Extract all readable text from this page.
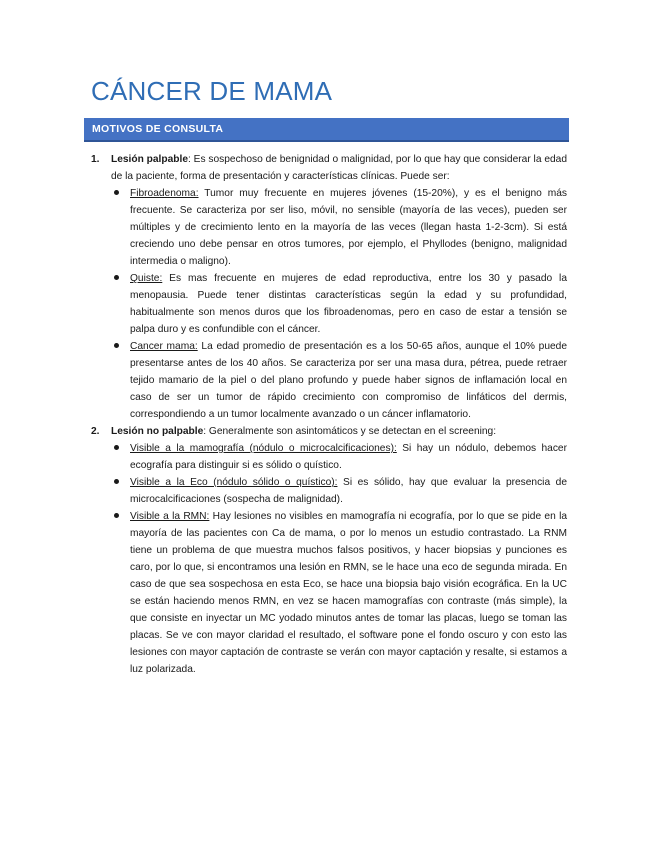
CÁNCER DE MAMA
MOTIVOS DE CONSULTA
1. Lesión palpable: Es sospechoso de benignidad o malignidad, por lo que hay que considerar la edad de la paciente, forma de presentación y características clínicas. Puede ser:
Fibroadenoma: Tumor muy frecuente en mujeres jóvenes (15-20%), y es el benigno más frecuente. Se caracteriza por ser liso, móvil, no sensible (mayoría de las veces), pueden ser múltiples y de crecimiento lento en la mayoría de las veces (llegan hasta 1-2-3cm). Si está creciendo uno debe pensar en otros tumores, por ejemplo, el Phyllodes (benigno, malignidad intermedia o maligno).
Quiste: Es mas frecuente en mujeres de edad reproductiva, entre los 30 y pasado la menopausia. Puede tener distintas características según la edad y su profundidad, habitualmente son menos duros que los fibroadenomas, pero en caso de estar a tensión se palpa duro y es confundible con el cáncer.
Cancer mama: La edad promedio de presentación es a los 50-65 años, aunque el 10% puede presentarse antes de los 40 años. Se caracteriza por ser una masa dura, pétrea, puede retraer tejido mamario de la piel o del plano profundo y puede haber signos de inflamación local en caso de ser un tumor de rápido crecimiento con compromiso de linfáticos del dermis, correspondiendo a un tumor localmente avanzado o un cáncer inflamatorio.
2. Lesión no palpable: Generalmente son asintomáticos y se detectan en el screening:
Visible a la mamografía (nódulo o microcalcificaciones): Si hay un nódulo, debemos hacer ecografía para distinguir si es sólido o quístico.
Visible a la Eco (nódulo sólido o quístico): Si es sólido, hay que evaluar la presencia de microcalcificaciones (sospecha de malignidad).
Visible a la RMN: Hay lesiones no visibles en mamografía ni ecografía, por lo que se pide en la mayoría de las pacientes con Ca de mama, o por lo menos un estudio contrastado. La RNM tiene un problema de que muestra muchos falsos positivos, y hacer biopsias y punciones es caro, por lo que, si encontramos una lesión en RMN, se le hace una eco de segunda mirada. En caso de que sea sospechosa en esta Eco, se hace una biopsia bajo visión ecográfica. En la UC se están haciendo menos RMN, en vez se hacen mamografías con contraste (más simple), la que consiste en inyectar un MC yodado minutos antes de tomar las placas, luego se toman las placas. Se ve con mayor claridad el resultado, el software pone el fondo oscuro y con esto las lesiones con mayor captación de contraste se verán con mayor captación y resalte, si estamos a luz polarizada.
